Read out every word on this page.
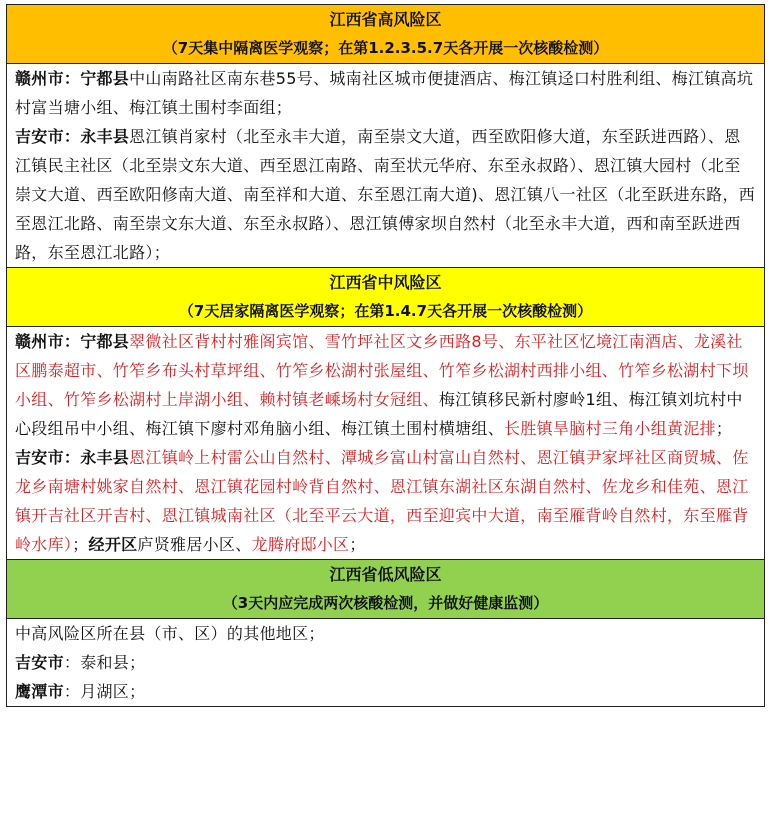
江西省高风险区
（7天集中隔离医学观察；在第1.2.3.5.7天各开展一次核酸检测）

赣州市：宁都县中山南路社区南东巷55号、城南社区城市便捷酒店、梅江镇迳口村胜利组、梅江镇高坑村富当塘小组、梅江镇土围村李面组；

吉安市：永丰县恩江镇肖家村（北至永丰大道，南至崇文大道，西至欧阳修大道，东至跃进西路）、恩江镇民主社区（北至崇文东大道、西至恩江南路、南至状元华府、东至永叔路）、恩江镇大园村（北至崇文大道、西至欧阳修南大道、南至祥和大道、东至恩江南大道)、恩江镇八一社区（北至跃进东路，西至恩江北路、南至崇文东大道、东至永叔路）、恩江镇傅家坝自然村（北至永丰大道，西和南至跃进西路，东至恩江北路）；

江西省中风险区
（7天居家隔离医学观察；在第1.4.7天各开展一次核酸检测）

赣州市：宁都县翠微社区背村村雅阁宾馆、雪竹坪社区文乡西路8号、东平社区忆境江南酒店、龙溪社区鹏泰超市、竹笮乡布头村草坪组、竹笮乡松湖村张屋组、竹笮乡松湖村西排小组、竹笮乡松湖村下坝小组、竹笮乡松湖村上岸湖小组、赖村镇老嵊场村女冠组、梅江镇移民新村廖岭1组、梅江镇刘坑村中心段组吊中小组、梅江镇下廖村邓角脑小组、梅江镇土围村横塘组、长胜镇旱脑村三角小组黄泥排；

吉安市：永丰县恩江镇岭上村雷公山自然村、潭城乡富山村富山自然村、恩江镇尹家坪社区商贸城、佐龙乡南塘村姚家自然村、恩江镇花园村岭背自然村、恩江镇东湖社区东湖自然村、佐龙乡和佳苑、恩江镇开吉社区开吉村、恩江镇城南社区（北至平云大道，西至迎宾中大道，南至雁背岭自然村，东至雁背岭水库）；经开区庐贤雅居小区、龙腾府邸小区；

江西省低风险区
（3天内应完成两次核酸检测，并做好健康监测）

中高风险区所在县（市、区）的其他地区；

吉安市：泰和县；

鹰潭市：月湖区；
